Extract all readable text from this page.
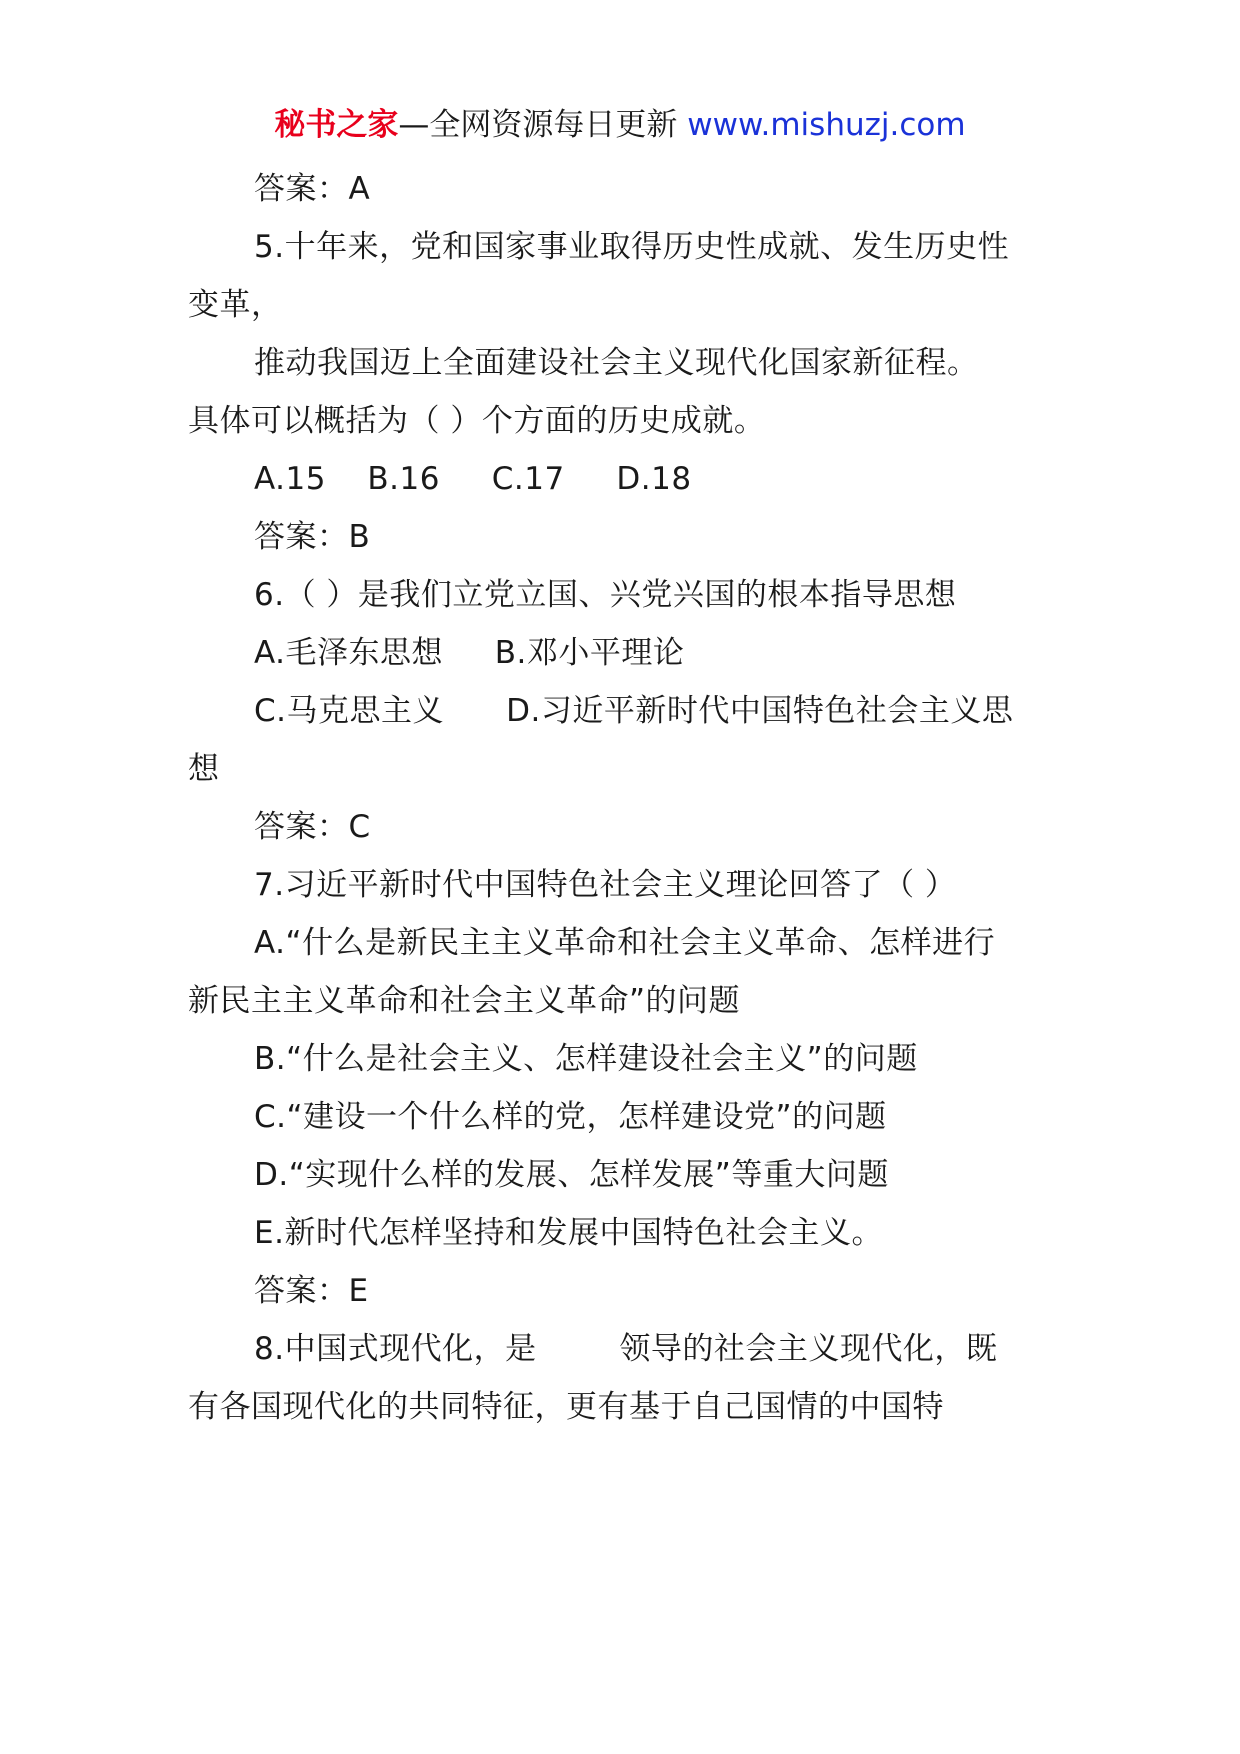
秘书之家—全网资源每日更新 www.mishuzj.com
答案：A
5.十年来，党和国家事业取得历史性成就、发生历史性
变革，
推动我国迈上全面建设社会主义现代化国家新征程。
具体可以概括为（ ）个方面的历史成就。
A.15    B.16     C.17     D.18
答案：B
6.（ ）是我们立党立国、兴党兴国的根本指导思想
A.毛泽东思想     B.邓小平理论
C.马克思主义      D.习近平新时代中国特色社会主义思
想
答案：C
7.习近平新时代中国特色社会主义理论回答了（ ）
A.“什么是新民主主义革命和社会主义革命、怎样进行
新民主主义革命和社会主义革命”的问题
B.“什么是社会主义、怎样建设社会主义”的问题
C.“建设一个什么样的党，怎样建设党”的问题
D.“实现什么样的发展、怎样发展”等重大问题
E.新时代怎样坚持和发展中国特色社会主义。
答案：E
8.中国式现代化，是        领导的社会主义现代化，既
有各国现代化的共同特征，更有基于自己国情的中国特
